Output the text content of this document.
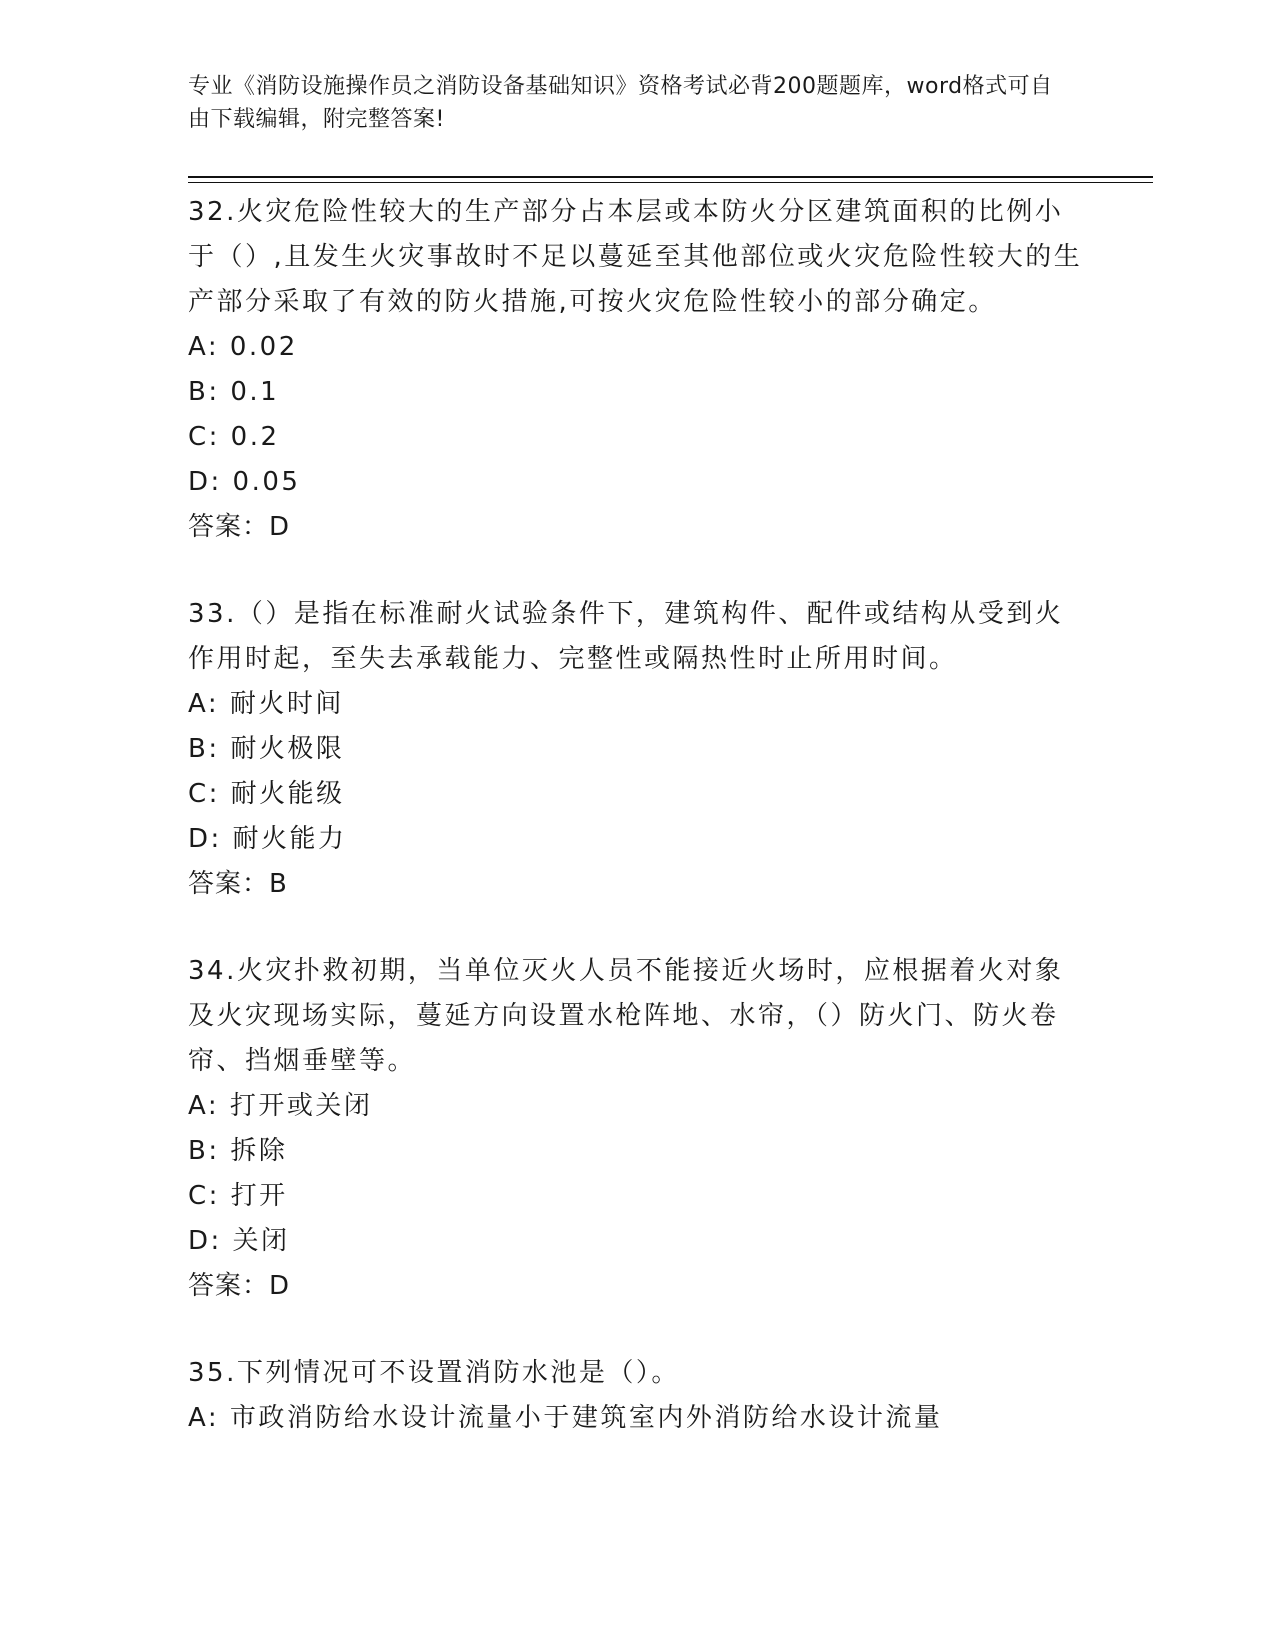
专业《消防设施操作员之消防设备基础知识》资格考试必背200题题库，word格式可自由下载编辑，附完整答案!
32.火灾危险性较大的生产部分占本层或本防火分区建筑面积的比例小于（）,且发生火灾事故时不足以蔓延至其他部位或火灾危险性较大的生产部分采取了有效的防火措施,可按火灾危险性较小的部分确定。
A: 0.02
B: 0.1
C: 0.2
D: 0.05
答案：D
33.（）是指在标准耐火试验条件下，建筑构件、配件或结构从受到火作用时起，至失去承载能力、完整性或隔热性时止所用时间。
A: 耐火时间
B: 耐火极限
C: 耐火能级
D: 耐火能力
答案：B
34.火灾扑救初期，当单位灭火人员不能接近火场时，应根据着火对象及火灾现场实际，蔓延方向设置水枪阵地、水帘，（）防火门、防火卷帘、挡烟垂壁等。
A: 打开或关闭
B: 拆除
C: 打开
D: 关闭
答案：D
35.下列情况可不设置消防水池是（）。
A: 市政消防给水设计流量小于建筑室内外消防给水设计流量
